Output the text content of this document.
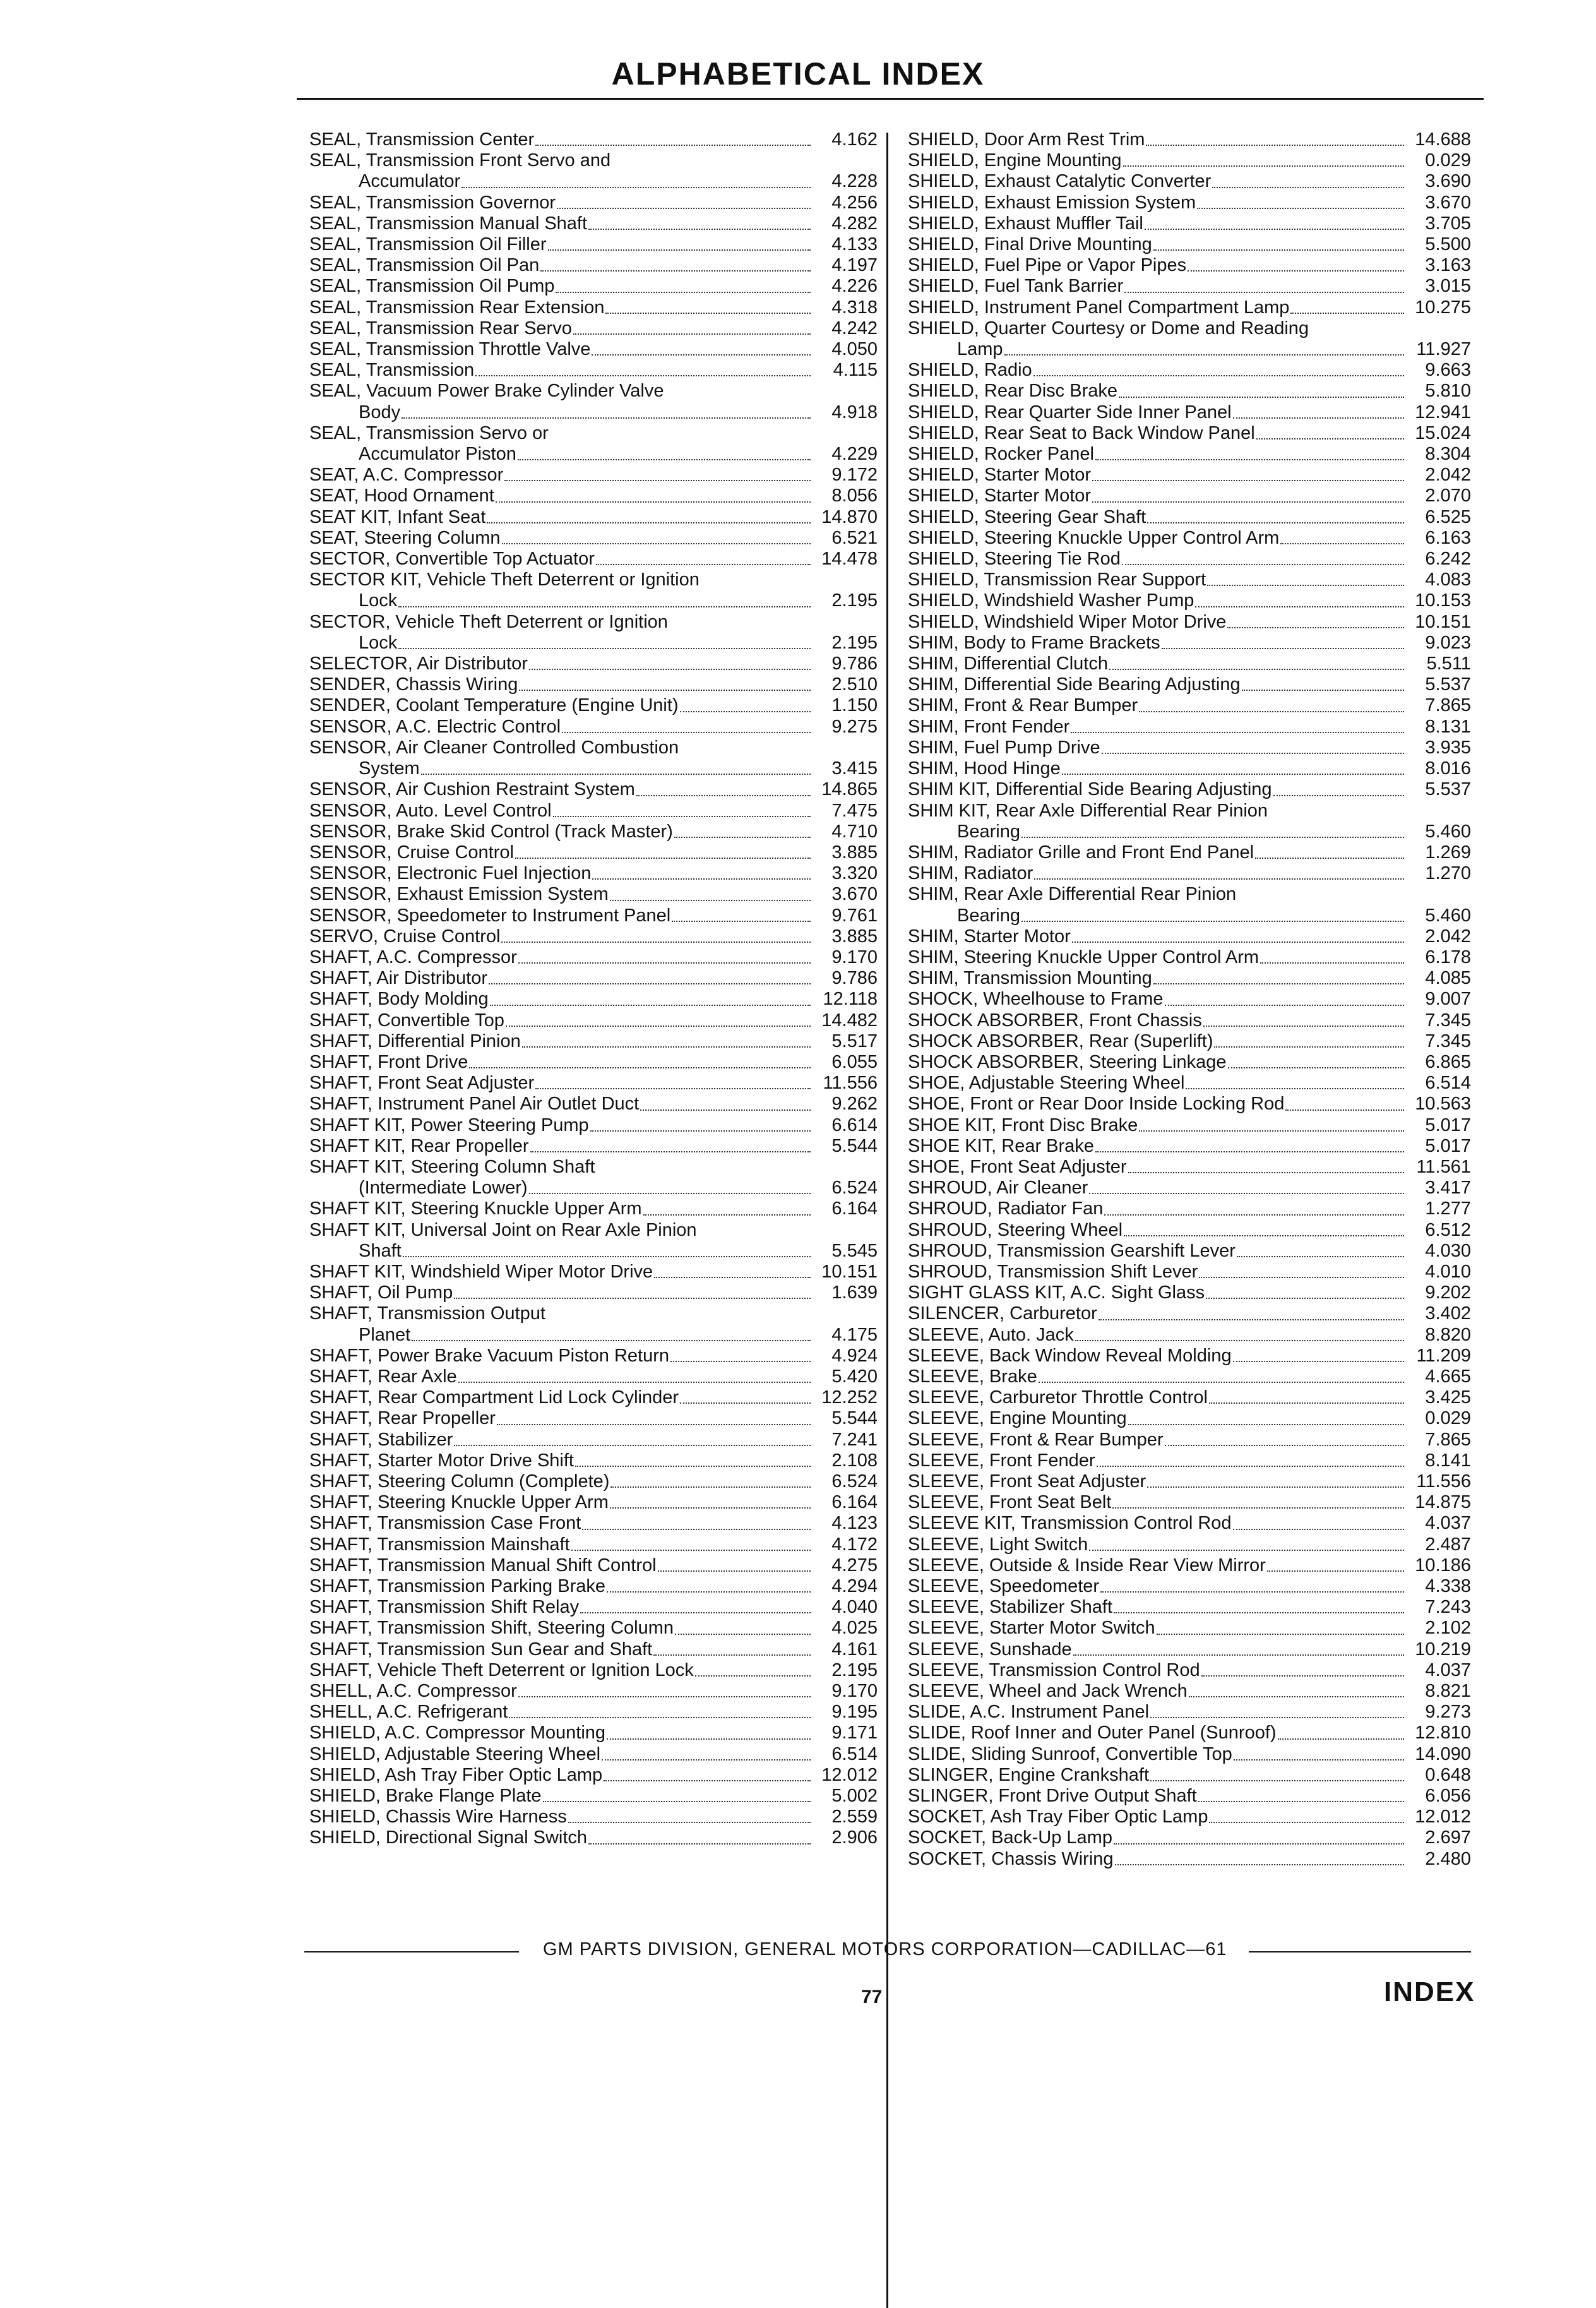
ALPHABETICAL INDEX
SEAL, Transmission Center	4.162
SEAL, Transmission Front Servo and
Accumulator	4.228
SEAL, Transmission Governor	4.256
SEAL, Transmission Manual Shaft	4.282
SEAL, Transmission Oil Filler	4.133
SEAL, Transmission Oil Pan	4.197
SEAL, Transmission Oil Pump	4.226
SEAL, Transmission Rear Extension	4.318
SEAL, Transmission Rear Servo	4.242
SEAL, Transmission Throttle Valve	4.050
SEAL, Transmission	4.115
SEAL, Vacuum Power Brake Cylinder Valve
Body	4.918
SEAL, Transmission Servo or
Accumulator Piston	4.229
SEAT, A.C. Compressor	9.172
SEAT, Hood Ornament	8.056
SEAT KIT, Infant Seat	14.870
SEAT, Steering Column	6.521
SECTOR, Convertible Top Actuator	14.478
SECTOR KIT, Vehicle Theft Deterrent or Ignition
Lock	2.195
SECTOR, Vehicle Theft Deterrent or Ignition
Lock	2.195
SELECTOR, Air Distributor	9.786
SENDER, Chassis Wiring	2.510
SENDER, Coolant Temperature (Engine Unit)	1.150
SENSOR, A.C. Electric Control	9.275
SENSOR, Air Cleaner Controlled Combustion
System	3.415
SENSOR, Air Cushion Restraint System	14.865
SENSOR, Auto. Level Control	7.475
SENSOR, Brake Skid Control (Track Master)	4.710
SENSOR, Cruise Control	3.885
SENSOR, Electronic Fuel Injection	3.320
SENSOR, Exhaust Emission System	3.670
SENSOR, Speedometer to Instrument Panel	9.761
SERVO, Cruise Control	3.885
SHAFT, A.C. Compressor	9.170
SHAFT, Air Distributor	9.786
SHAFT, Body Molding	12.118
SHAFT, Convertible Top	14.482
SHAFT, Differential Pinion	5.517
SHAFT, Front Drive	6.055
SHAFT, Front Seat Adjuster	11.556
SHAFT, Instrument Panel Air Outlet Duct	9.262
SHAFT KIT, Power Steering Pump	6.614
SHAFT KIT, Rear Propeller	5.544
SHAFT KIT, Steering Column Shaft
(Intermediate Lower)	6.524
SHAFT KIT, Steering Knuckle Upper Arm	6.164
SHAFT KIT, Universal Joint on Rear Axle Pinion
Shaft	5.545
SHAFT KIT, Windshield Wiper Motor Drive	10.151
SHAFT, Oil Pump	1.639
SHAFT, Transmission Output
Planet	4.175
SHAFT, Power Brake Vacuum Piston Return	4.924
SHAFT, Rear Axle	5.420
SHAFT, Rear Compartment Lid Lock Cylinder	12.252
SHAFT, Rear Propeller	5.544
SHAFT, Stabilizer	7.241
SHAFT, Starter Motor Drive Shift	2.108
SHAFT, Steering Column (Complete)	6.524
SHAFT, Steering Knuckle Upper Arm	6.164
SHAFT, Transmission Case Front	4.123
SHAFT, Transmission Mainshaft	4.172
SHAFT, Transmission Manual Shift Control	4.275
SHAFT, Transmission Parking Brake	4.294
SHAFT, Transmission Shift Relay	4.040
SHAFT, Transmission Shift, Steering Column	4.025
SHAFT, Transmission Sun Gear and Shaft	4.161
SHAFT, Vehicle Theft Deterrent or Ignition Lock	2.195
SHELL, A.C. Compressor	9.170
SHELL, A.C. Refrigerant	9.195
SHIELD, A.C. Compressor Mounting	9.171
SHIELD, Adjustable Steering Wheel	6.514
SHIELD, Ash Tray Fiber Optic Lamp	12.012
SHIELD, Brake Flange Plate	5.002
SHIELD, Chassis Wire Harness	2.559
SHIELD, Directional Signal Switch	2.906
SHIELD, Door Arm Rest Trim	14.688
SHIELD, Engine Mounting	0.029
SHIELD, Exhaust Catalytic Converter	3.690
SHIELD, Exhaust Emission System	3.670
SHIELD, Exhaust Muffler Tail	3.705
SHIELD, Final Drive Mounting	5.500
SHIELD, Fuel Pipe or Vapor Pipes	3.163
SHIELD, Fuel Tank Barrier	3.015
SHIELD, Instrument Panel Compartment Lamp	10.275
SHIELD, Quarter Courtesy or Dome and Reading
Lamp	11.927
SHIELD, Radio	9.663
SHIELD, Rear Disc Brake	5.810
SHIELD, Rear Quarter Side Inner Panel	12.941
SHIELD, Rear Seat to Back Window Panel	15.024
SHIELD, Rocker Panel	8.304
SHIELD, Starter Motor	2.042
SHIELD, Starter Motor	2.070
SHIELD, Steering Gear Shaft	6.525
SHIELD, Steering Knuckle Upper Control Arm	6.163
SHIELD, Steering Tie Rod	6.242
SHIELD, Transmission Rear Support	4.083
SHIELD, Windshield Washer Pump	10.153
SHIELD, Windshield Wiper Motor Drive	10.151
SHIM, Body to Frame Brackets	9.023
SHIM, Differential Clutch	5.511
SHIM, Differential Side Bearing Adjusting	5.537
SHIM, Front & Rear Bumper	7.865
SHIM, Front Fender	8.131
SHIM, Fuel Pump Drive	3.935
SHIM, Hood Hinge	8.016
SHIM KIT, Differential Side Bearing Adjusting	5.537
SHIM KIT, Rear Axle Differential Rear Pinion
Bearing	5.460
SHIM, Radiator Grille and Front End Panel	1.269
SHIM, Radiator	1.270
SHIM, Rear Axle Differential Rear Pinion
Bearing	5.460
SHIM, Starter Motor	2.042
SHIM, Steering Knuckle Upper Control Arm	6.178
SHIM, Transmission Mounting	4.085
SHOCK, Wheelhouse to Frame	9.007
SHOCK ABSORBER, Front Chassis	7.345
SHOCK ABSORBER, Rear (Superlift)	7.345
SHOCK ABSORBER, Steering Linkage	6.865
SHOE, Adjustable Steering Wheel	6.514
SHOE, Front or Rear Door Inside Locking Rod	10.563
SHOE KIT, Front Disc Brake	5.017
SHOE KIT, Rear Brake	5.017
SHOE, Front Seat Adjuster	11.561
SHROUD, Air Cleaner	3.417
SHROUD, Radiator Fan	1.277
SHROUD, Steering Wheel	6.512
SHROUD, Transmission Gearshift Lever	4.030
SHROUD, Transmission Shift Lever	4.010
SIGHT GLASS KIT, A.C. Sight Glass	9.202
SILENCER, Carburetor	3.402
SLEEVE, Auto. Jack	8.820
SLEEVE, Back Window Reveal Molding	11.209
SLEEVE, Brake	4.665
SLEEVE, Carburetor Throttle Control	3.425
SLEEVE, Engine Mounting	0.029
SLEEVE, Front & Rear Bumper	7.865
SLEEVE, Front Fender	8.141
SLEEVE, Front Seat Adjuster	11.556
SLEEVE, Front Seat Belt	14.875
SLEEVE KIT, Transmission Control Rod	4.037
SLEEVE, Light Switch	2.487
SLEEVE, Outside & Inside Rear View Mirror	10.186
SLEEVE, Speedometer	4.338
SLEEVE, Stabilizer Shaft	7.243
SLEEVE, Starter Motor Switch	2.102
SLEEVE, Sunshade	10.219
SLEEVE, Transmission Control Rod	4.037
SLEEVE, Wheel and Jack Wrench	8.821
SLIDE, A.C. Instrument Panel	9.273
SLIDE, Roof Inner and Outer Panel (Sunroof)	12.810
SLIDE, Sliding Sunroof, Convertible Top	14.090
SLINGER, Engine Crankshaft	0.648
SLINGER, Front Drive Output Shaft	6.056
SOCKET, Ash Tray Fiber Optic Lamp	12.012
SOCKET, Back-Up Lamp	2.697
SOCKET, Chassis Wiring	2.480
GM PARTS DIVISION, GENERAL MOTORS CORPORATION—CADILLAC—61
77	INDEX
